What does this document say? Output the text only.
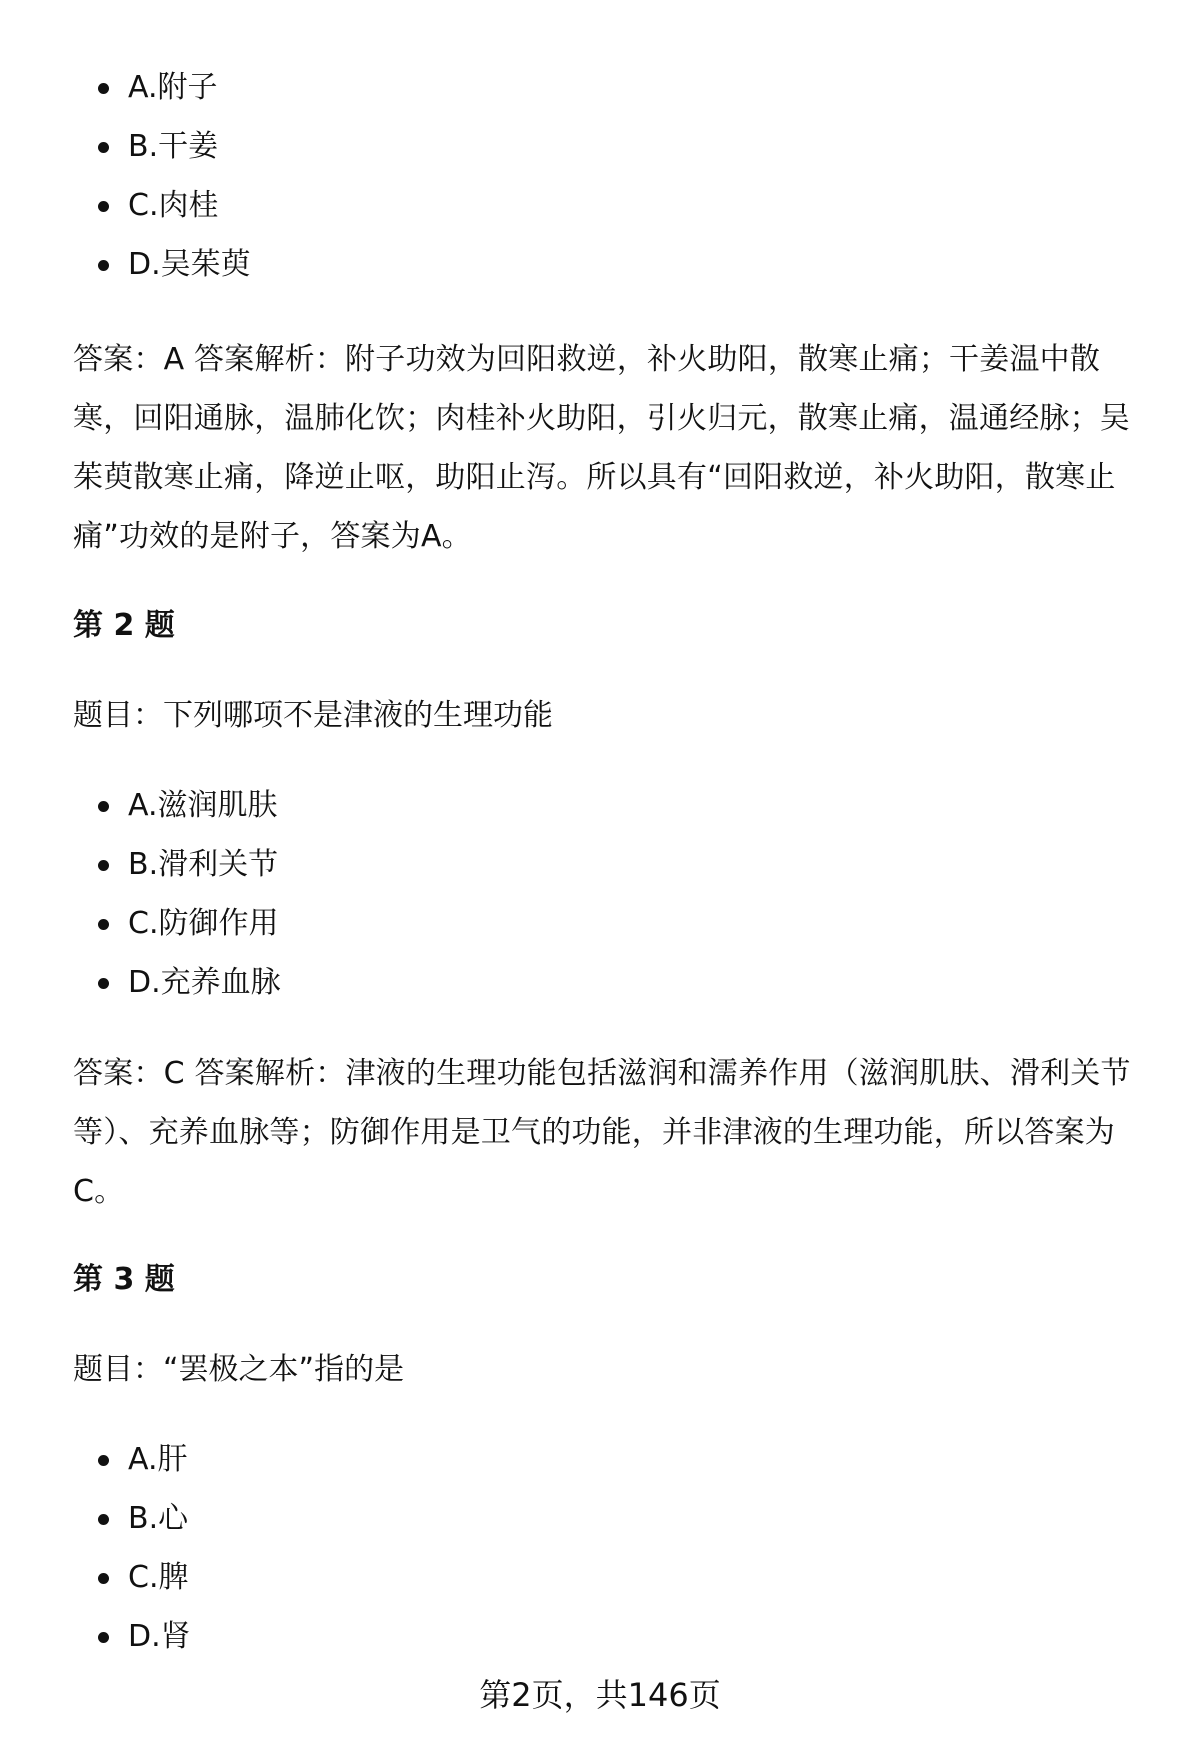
A.附子
B.干姜
C.肉桂
D.吴茱萸

答案：A 答案解析：附子功效为回阳救逆，补火助阳，散寒止痛；干姜温中散寒，回阳通脉，温肺化饮；肉桂补火助阳，引火归元，散寒止痛，温通经脉；吴茱萸散寒止痛，降逆止呕，助阳止泻。所以具有“回阳救逆，补火助阳，散寒止痛”功效的是附子，答案为A。

第 2 题

题目：下列哪项不是津液的生理功能

A.滋润肌肤
B.滑利关节
C.防御作用
D.充养血脉

答案：C 答案解析：津液的生理功能包括滋润和濡养作用（滋润肌肤、滑利关节等）、充养血脉等；防御作用是卫气的功能，并非津液的生理功能，所以答案为C。

第 3 题

题目：“罢极之本”指的是

A.肝
B.心
C.脾
D.肾
第2页，共146页
